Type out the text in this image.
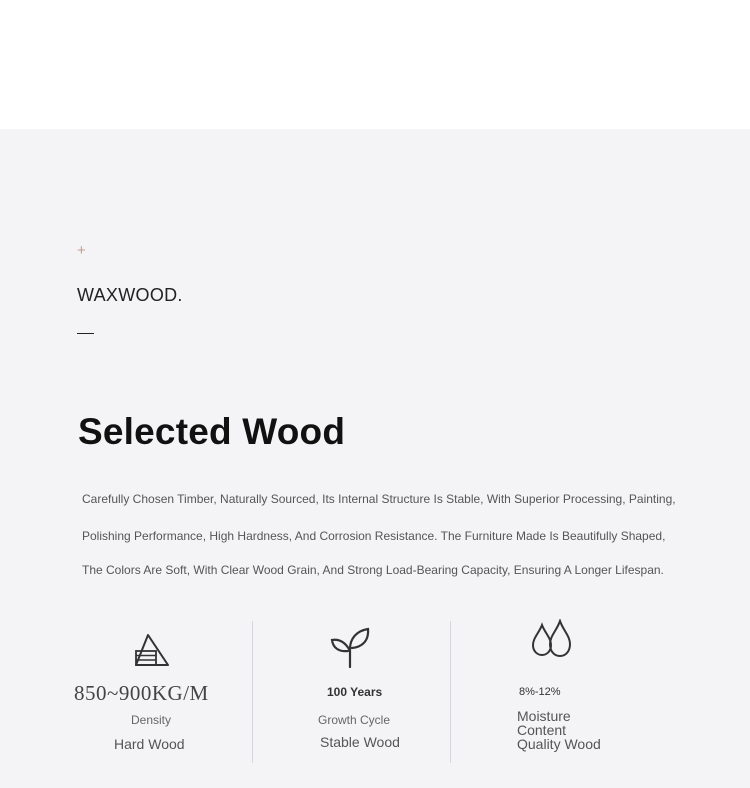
+
WAXWOOD.
Selected Wood
Carefully Chosen Timber, Naturally Sourced, Its Internal Structure Is Stable, With Superior Processing, Painting,
Polishing Performance, High Hardness, And Corrosion Resistance. The Furniture Made Is Beautifully Shaped,
The Colors Are Soft, With Clear Wood Grain, And Strong Load-Bearing Capacity, Ensuring A Longer Lifespan.
850~900KG/M
Density
Hard Wood
100 Years
Growth Cycle
Stable Wood
8%-12%
Moisture
Content
Quality Wood
